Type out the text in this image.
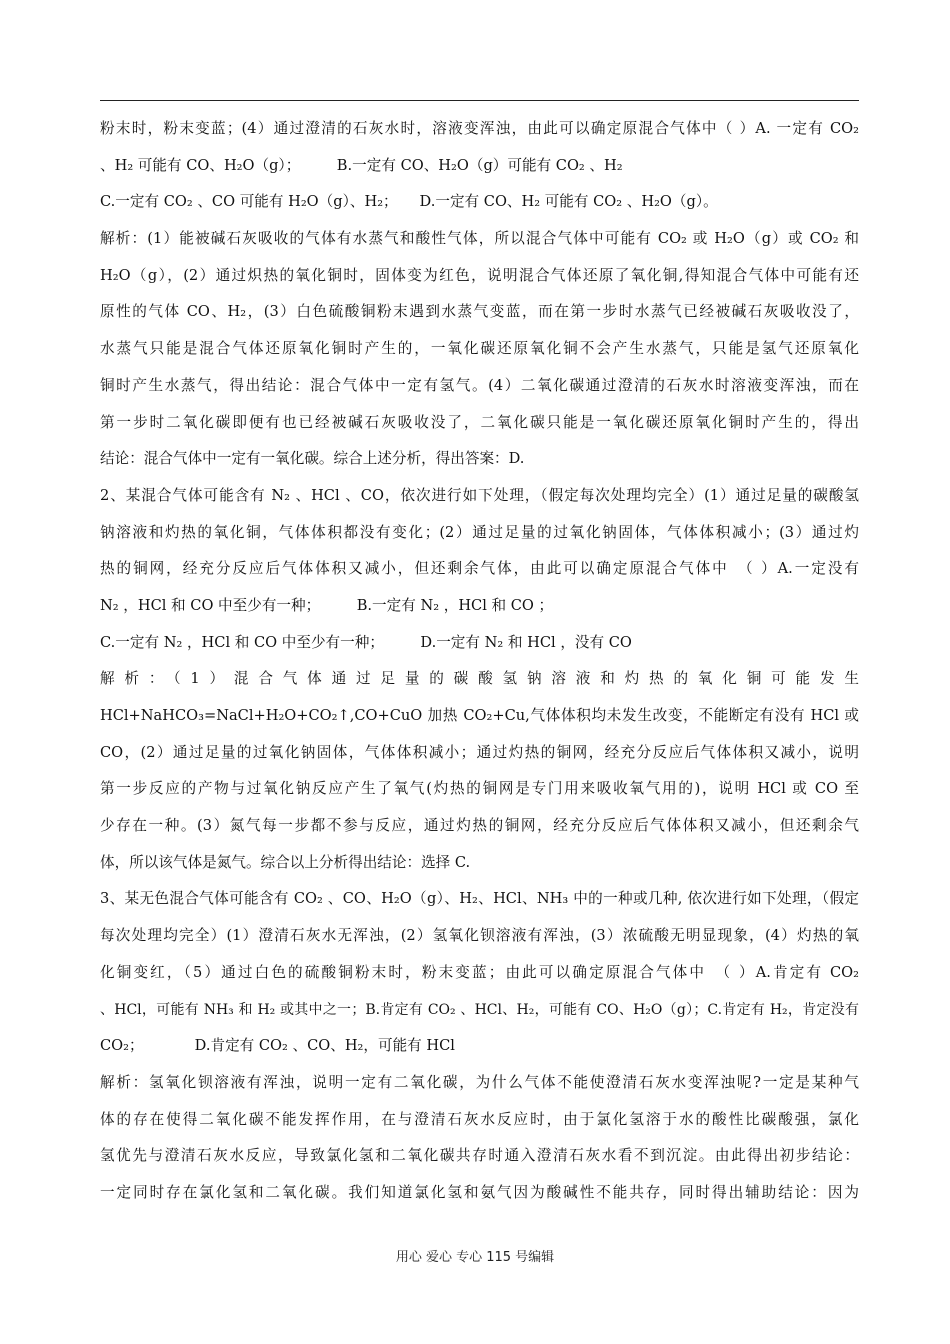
粉末时，粉末变蓝；(4）通过澄清的石灰水时，溶液变浑浊，由此可以确定原混合气体中（ ）A. 一定有 CO₂
、H₂ 可能有 CO、H₂O（g）；　　　B.一定有 CO、H₂O（g）可能有 CO₂ 、H₂
C.一定有 CO₂ 、CO 可能有 H₂O（g）、H₂；　　D.一定有 CO、H₂ 可能有 CO₂ 、H₂O（g）。
解析：(1）能被碱石灰吸收的气体有水蒸气和酸性气体，所以混合气体中可能有 CO₂ 或 H₂O（g）或 CO₂ 和
H₂O（g），(2）通过炽热的氧化铜时，固体变为红色，说明混合气体还原了氧化铜,得知混合气体中可能有还
原性的气体 CO、H₂，(3）白色硫酸铜粉末遇到水蒸气变蓝，而在第一步时水蒸气已经被碱石灰吸收没了，
水蒸气只能是混合气体还原氧化铜时产生的，一氧化碳还原氧化铜不会产生水蒸气，只能是氢气还原氧化
铜时产生水蒸气，得出结论：混合气体中一定有氢气。(4）二氧化碳通过澄清的石灰水时溶液变浑浊，而在
第一步时二氧化碳即便有也已经被碱石灰吸收没了，二氧化碳只能是一氧化碳还原氧化铜时产生的，得出
结论：混合气体中一定有一氧化碳。综合上述分析，得出答案：D.
2、某混合气体可能含有 N₂ 、HCl 、CO，依次进行如下处理，（假定每次处理均完全）(1）通过足量的碳酸氢
钠溶液和灼热的氧化铜，气体体积都没有变化；(2）通过足量的过氧化钠固体，气体体积减小；(3）通过灼
热的铜网，经充分反应后气体体积又减小，但还剩余气体，由此可以确定原混合气体中　（ ）A.一定没有
N₂ ，HCl 和 CO 中至少有一种；　　　B.一定有 N₂ ，HCl 和 CO ；
C.一定有 N₂ ，HCl 和 CO 中至少有一种；　　　D.一定有 N₂ 和 HCl ，没有 CO
解析：（1）混合气体通过足量的碳酸氢钠溶液和灼热的氧化铜可能发生
HCl+NaHCO₃=NaCl+H₂O+CO₂↑,CO+CuO 加热 CO₂+Cu,气体体积均未发生改变，不能断定有没有 HCl 或
CO，(2）通过足量的过氧化钠固体，气体体积减小；通过灼热的铜网，经充分反应后气体体积又减小，说明
第一步反应的产物与过氧化钠反应产生了氧气(灼热的铜网是专门用来吸收氧气用的)，说明 HCl 或 CO 至
少存在一种。(3）氮气每一步都不参与反应，通过灼热的铜网，经充分反应后气体体积又减小，但还剩余气
体，所以该气体是氮气。综合以上分析得出结论：选择 C.
3、某无色混合气体可能含有 CO₂ 、CO、H₂O（g）、H₂、HCl、NH₃ 中的一种或几种, 依次进行如下处理，（假定
每次处理均完全）(1）澄清石灰水无浑浊，(2）氢氧化钡溶液有浑浊，(3）浓硫酸无明显现象，(4）灼热的氧
化铜变红，（5）通过白色的硫酸铜粉末时，粉末变蓝；由此可以确定原混合气体中　（ ）A.肯定有 CO₂
、HCl，可能有 NH₃ 和 H₂ 或其中之一；B.肯定有 CO₂ 、HCl、H₂，可能有 CO、H₂O（g）；C.肯定有 H₂，肯定没有
CO₂；　　　　D.肯定有 CO₂ 、CO、H₂，可能有 HCl
解析：氢氧化钡溶液有浑浊，说明一定有二氧化碳，为什么气体不能使澄清石灰水变浑浊呢?一定是某种气
体的存在使得二氧化碳不能发挥作用，在与澄清石灰水反应时，由于氯化氢溶于水的酸性比碳酸强，氯化
氢优先与澄清石灰水反应，导致氯化氢和二氧化碳共存时通入澄清石灰水看不到沉淀。由此得出初步结论：
一定同时存在氯化氢和二氧化碳。我们知道氯化氢和氨气因为酸碱性不能共存，同时得出辅助结论：因为
用心 爱心 专心 115 号编辑
